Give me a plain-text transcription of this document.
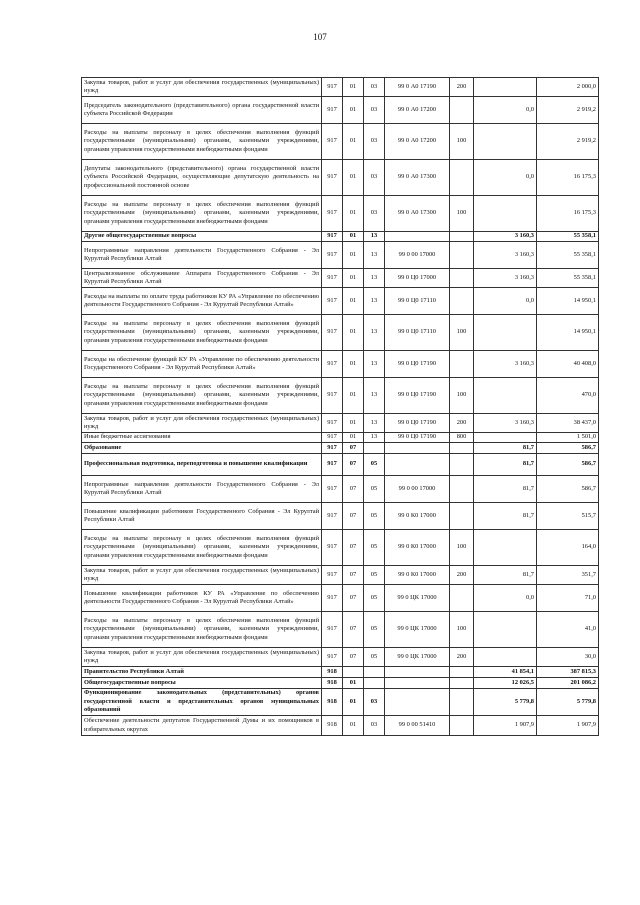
107
Закупка товаров, работ и услуг для обеспечения государственных (муниципальных) нужд	917	01	03	99 0 А0 17190	200		2 000,0
Председатель законодательного (представительного) органа государственной власти субъекта Российской Федерации	917	01	03	99 0 А0 17200		0,0	2 919,2
Расходы на выплаты персоналу в целях обеспечения выполнения функций государственными (муниципальными) органами, казенными учреждениями, органами управления государственными внебюджетными фондами	917	01	03	99 0 А0 17200	100		2 919,2
Депутаты законодательного (представительного) органа государственной власти субъекта Российской Федерации, осуществляющие депутатскую деятельность на профессиональной постоянной основе	917	01	03	99 0 А0 17300		0,0	16 175,3
Расходы на выплаты персоналу в целях обеспечения выполнения функций государственными (муниципальными) органами, казенными учреждениями, органами управления государственными внебюджетными фондами	917	01	03	99 0 А0 17300	100		16 175,3
Другие общегосударственные вопросы	917	01	13			3 160,3	55 358,1
Непрограммные направления деятельности Государственного Собрания - Эл Курултай Республики Алтай	917	01	13	99 0 00 17000		3 160,3	55 358,1
Централизованное обслуживание Аппарата Государственного Собрания - Эл Курултай Республики Алтай	917	01	13	99 0 Ц0 17000		3 160,3	55 358,1
Расходы на выплаты по оплате труда работников КУ РА «Управление по обеспечению деятельности Государственного Собрания - Эл Курултай Республики Алтай»	917	01	13	99 0 Ц0 17110		0,0	14 950,1
Расходы на выплаты персоналу в целях обеспечения выполнения функций государственными (муниципальными) органами, казенными учреждениями, органами управления государственными внебюджетными фондами	917	01	13	99 0 Ц0 17110	100		14 950,1
Расходы на обеспечение функций КУ РА «Управление по обеспечению деятельности Государственного Собрания - Эл Курултай Республики Алтай»	917	01	13	99 0 Ц0 17190		3 160,3	40 408,0
Расходы на выплаты персоналу в целях обеспечения выполнения функций государственными (муниципальными) органами, казенными учреждениями, органами управления государственными внебюджетными фондами	917	01	13	99 0 Ц0 17190	100		470,0
Закупка товаров, работ и услуг для обеспечения государственных (муниципальных) нужд	917	01	13	99 0 Ц0 17190	200	3 160,3	38 437,0
Иные бюджетные ассигнования	917	01	13	99 0 Ц0 17190	800		1 501,0
Образование	917	07				81,7	586,7
Профессиональная подготовка, переподготовка и повышение квалификации	917	07	05			81,7	586,7
Непрограммные направления деятельности Государственного Собрания - Эл Курултай Республики Алтай	917	07	05	99 0 00 17000		81,7	586,7
Повышение квалификации работников Государственного Собрания - Эл Курултай Республики Алтай	917	07	05	99 0 К0 17000		81,7	515,7
Расходы на выплаты персоналу в целях обеспечения выполнения функций государственными (муниципальными) органами, казенными учреждениями, органами управления государственными внебюджетными фондами	917	07	05	99 0 К0 17000	100		164,0
Закупка товаров, работ и услуг для обеспечения государственных (муниципальных) нужд	917	07	05	99 0 К0 17000	200	81,7	351,7
Повышение квалификации работников КУ РА «Управление по обеспечению деятельности Государственного Собрания - Эл Курултай Республики Алтай»	917	07	05	99 0 ЦК 17000		0,0	71,0
Расходы на выплаты персоналу в целях обеспечения выполнения функций государственными (муниципальными) органами, казенными учреждениями, органами управления государственными внебюджетными фондами	917	07	05	99 0 ЦК 17000	100		41,0
Закупка товаров, работ и услуг для обеспечения государственных (муниципальных) нужд	917	07	05	99 0 ЦК 17000	200		30,0
Правительство Республики Алтай	918					41 854,1	387 815,3
Общегосударственные вопросы	918	01				12 026,5	201 086,2
Функционирование законодательных (представительных) органов государственной власти и представительных органов муниципальных образований	918	01	03			5 779,8	5 779,8
Обеспечение деятельности депутатов Государственной Думы и их помощников в избирательных округах	918	01	03	99 0 00 51410		1 907,9	1 907,9
